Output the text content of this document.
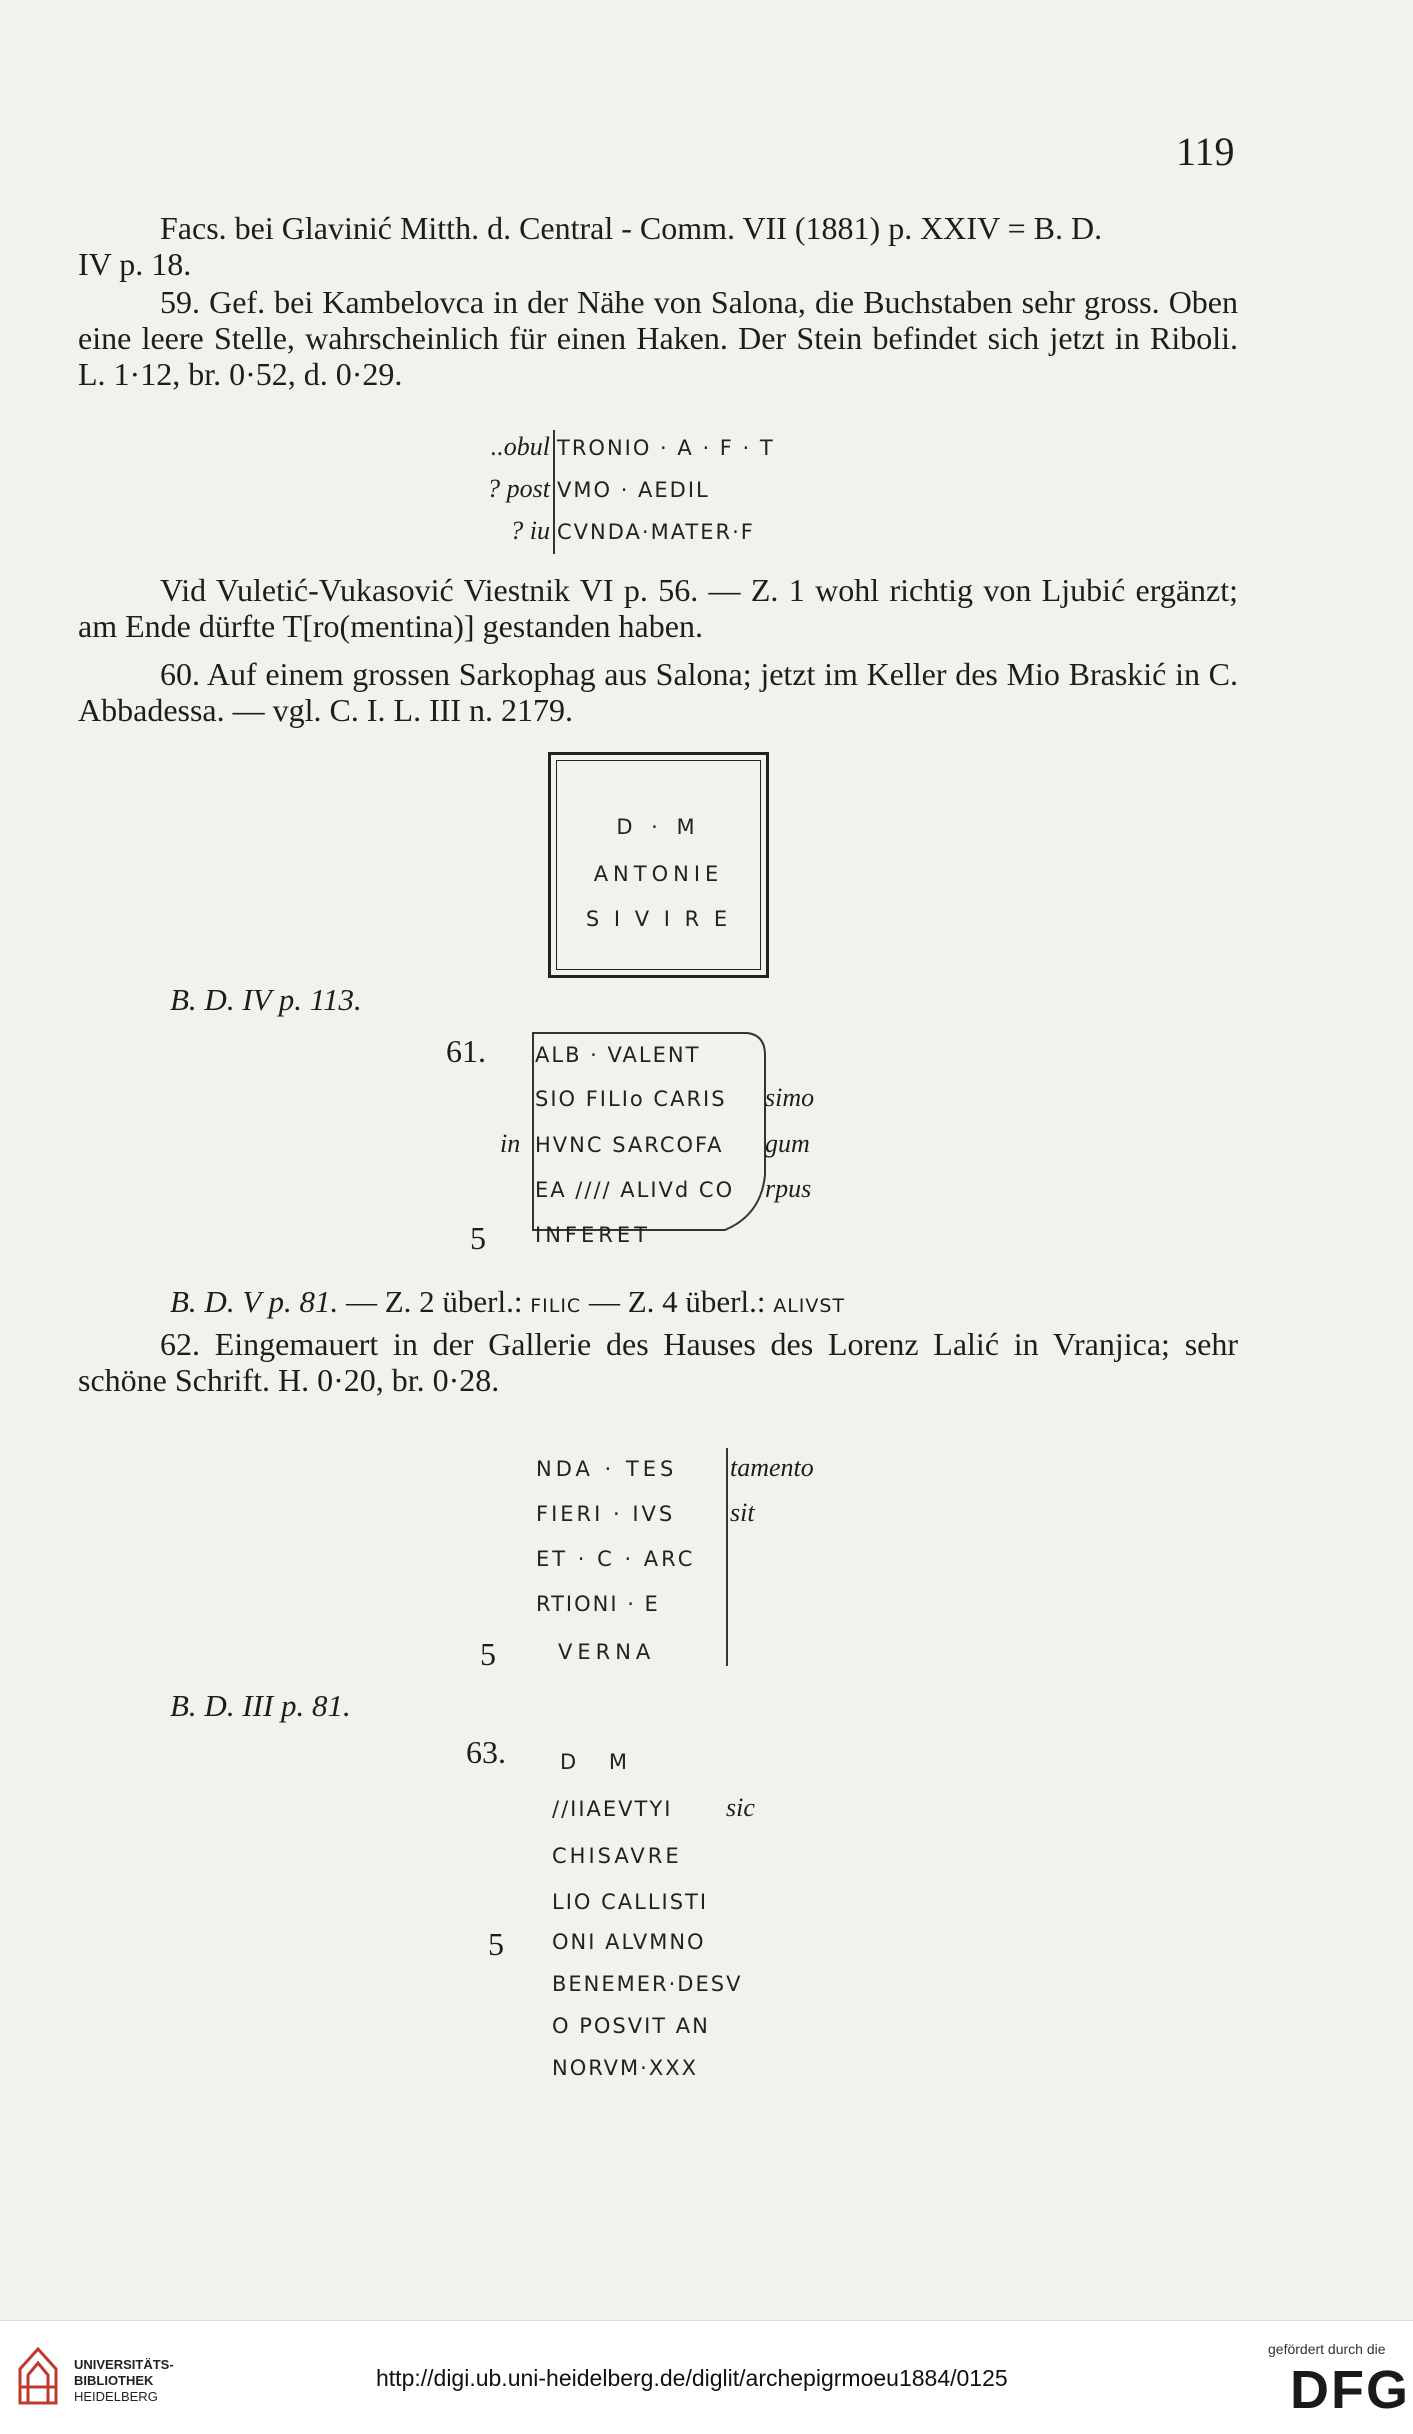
119
Facs. bei Glavinić Mitth. d. Central - Comm. VII (1881) p. XXIV = B. D.
IV p. 18.
59. Gef. bei Kambelovca in der Nähe von Salona, die Buchstaben sehr gross. Oben eine leere Stelle, wahrscheinlich für einen Haken. Der Stein befindet sich jetzt in Riboli. L. 1·12, br. 0·52, d. 0·29.
..obul TRONIO · A · F · T
? post VMO · AEDIL
? iu CVNDA·MATER·F
Vid Vuletić-Vukasović Viestnik VI p. 56. — Z. 1 wohl richtig von Ljubić ergänzt; am Ende dürfte T[ro(mentina)] gestanden haben.
60. Auf einem grossen Sarkophag aus Salona; jetzt im Keller des Mio Braskić in C. Abbadessa. — vgl. C. I. L. III n. 2179.
D · M
ANTONIE
S I V I R E
B. D. IV p. 113.
61. ALB · VALENT
SIO FILIo CARIS simo
in HVNC SARCOFA gum
EA //// ALIVd CO rpus
5 INFERET
B. D. V p. 81. — Z. 2 überl.: FILIC — Z. 4 überl.: ALIVST
62. Eingemauert in der Gallerie des Hauses des Lorenz Lalić in Vranjica; sehr schöne Schrift. H. 0·20, br. 0·28.
NDA · TES tamento
FIERI · IVS sit
ET · C · ARC
RTIONI · E
5	VERNA
B. D. III p. 81.
63.	D M
//IIAEVTYI sic
CHISAVRE
LIO CALLISTI
5 ONI ALVMNO
BENEMER·DESV
O POSVIT AN
NORVM·XXX
UNIVERSITÄTS-
BIBLIOTHEK
HEIDELBERG
http://digi.ub.uni-heidelberg.de/diglit/archepigrmoeu1884/0125
gefördert durch die
DFG
